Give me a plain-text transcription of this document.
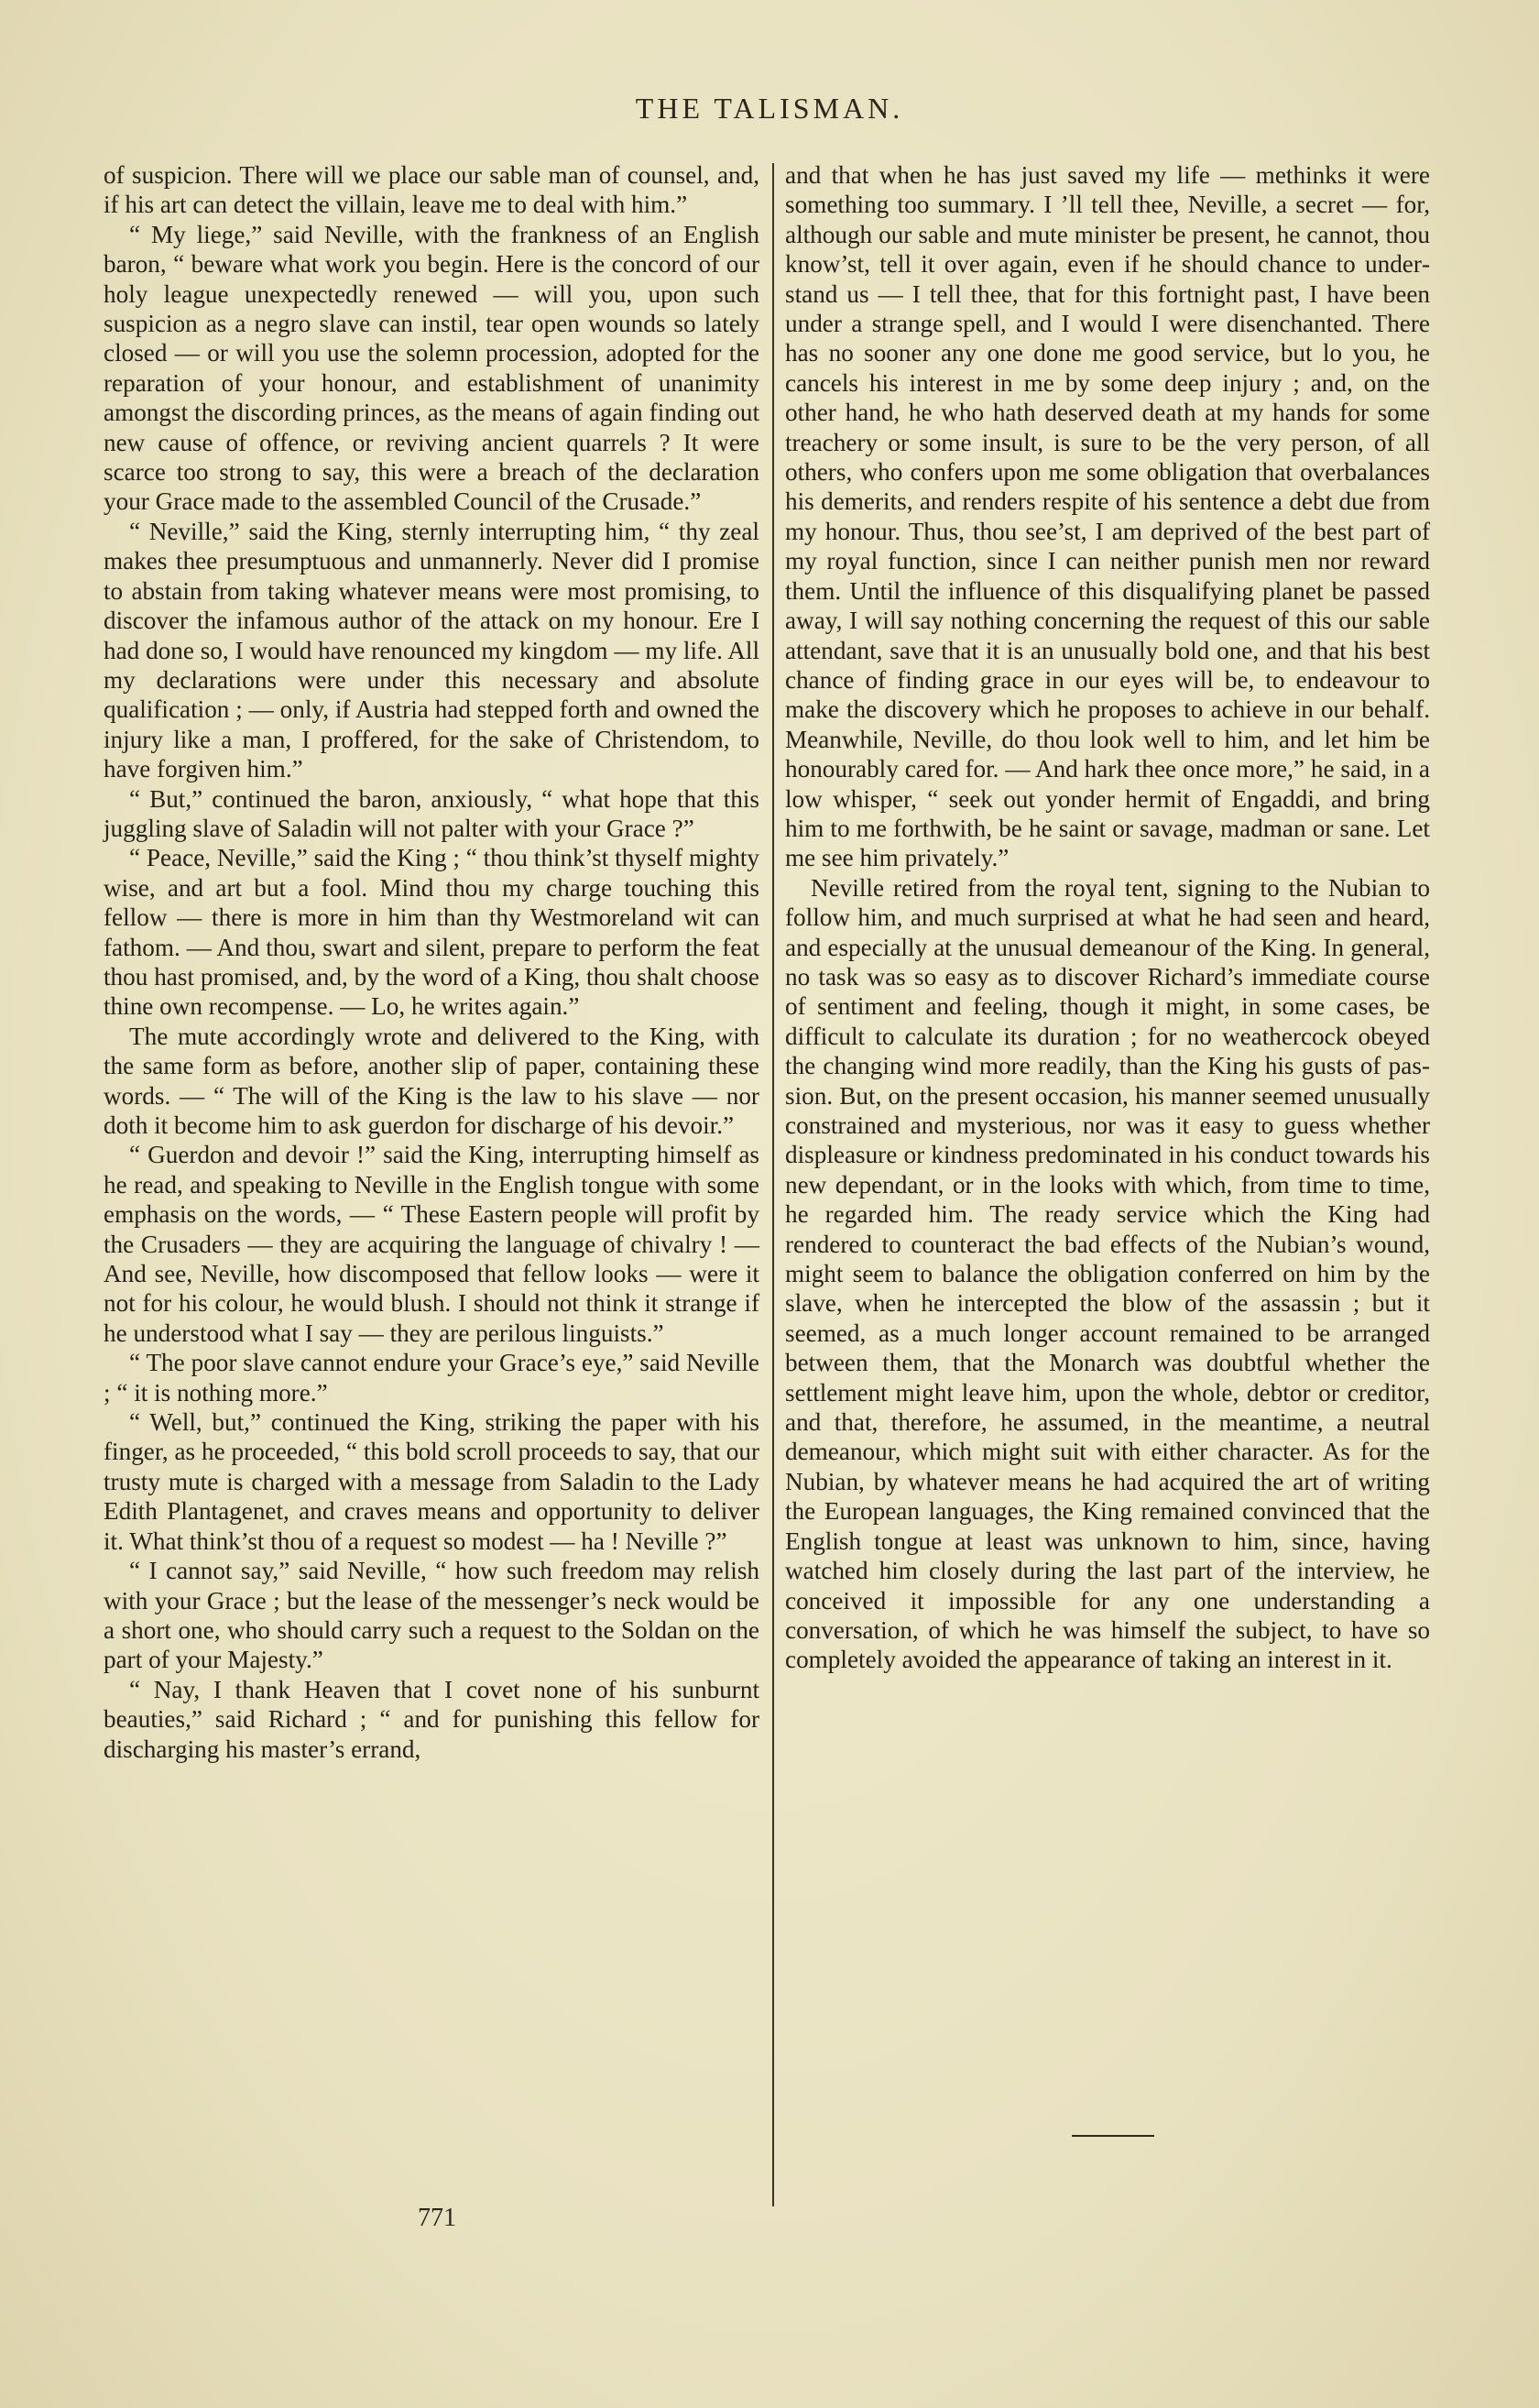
THE TALISMAN.

of suspicion. There will we place our sable man of counsel, and, if his art can detect the villain, leave me to deal with him.”

“ My liege,” said Neville, with the frankness of an English baron, “ beware what work you begin. Here is the concord of our holy league unexpectedly renewed — will you, upon such suspicion as a negro slave can instil, tear open wounds so lately closed — or will you use the solemn procession, adopted for the reparation of your honour, and establishment of unanimity amongst the discording princes, as the means of again finding out new cause of offence, or reviving ancient quarrels ? It were scarce too strong to say, this were a breach of the declaration your Grace made to the assembled Council of the Crusade.”

“ Neville,” said the King, sternly interrupting him, “ thy zeal makes thee presumptuous and unmannerly. Never did I promise to abstain from taking whatever means were most promising, to discover the infamous author of the attack on my honour. Ere I had done so, I would have renounced my kingdom — my life. All my declarations were under this necessary and absolute qualification ; — only, if Austria had stepped forth and owned the injury like a man, I proffered, for the sake of Christendom, to have forgiven him.”

“ But,” continued the baron, anxiously, “ what hope that this juggling slave of Saladin will not palter with your Grace ?”

“ Peace, Neville,” said the King ; “ thou think’st thyself mighty wise, and art but a fool. Mind thou my charge touching this fellow — there is more in him than thy Westmoreland wit can fathom. — And thou, swart and silent, prepare to perform the feat thou hast promised, and, by the word of a King, thou shalt choose thine own recompense. — Lo, he writes again.”

The mute accordingly wrote and delivered to the King, with the same form as before, another slip of paper, containing these words. — “ The will of the King is the law to his slave — nor doth it become him to ask guerdon for discharge of his devoir.”

“ Guerdon and devoir !” said the King, interrupting himself as he read, and speaking to Neville in the English tongue with some emphasis on the words, — “ These Eastern people will profit by the Crusaders — they are acquiring the language of chivalry ! — And see, Neville, how discomposed that fellow looks — were it not for his colour, he would blush. I should not think it strange if he understood what I say — they are perilous linguists.”

“ The poor slave cannot endure your Grace’s eye,” said Neville ; “ it is nothing more.”

“ Well, but,” continued the King, striking the paper with his finger, as he proceeded, “ this bold scroll proceeds to say, that our trusty mute is charged with a message from Saladin to the Lady Edith Plantagenet, and craves means and opportunity to deliver it. What think’st thou of a request so modest — ha ! Neville ?”

“ I cannot say,” said Neville, “ how such freedom may relish with your Grace ; but the lease of the messenger’s neck would be a short one, who should carry such a request to the Soldan on the part of your Majesty.”

“ Nay, I thank Heaven that I covet none of his sunburnt beauties,” said Richard ; “ and for punishing this fellow for discharging his master’s errand,

and that when he has just saved my life — methinks it were something too summary. I ’ll tell thee, Neville, a secret — for, although our sable and mute minister be present, he cannot, thou know’st, tell it over again, even if he should chance to understand us — I tell thee, that for this fortnight past, I have been under a strange spell, and I would I were disenchanted. There has no sooner any one done me good service, but lo you, he cancels his interest in me by some deep injury ; and, on the other hand, he who hath deserved death at my hands for some treachery or some insult, is sure to be the very person, of all others, who confers upon me some obligation that overbalances his demerits, and renders respite of his sentence a debt due from my honour. Thus, thou see’st, I am deprived of the best part of my royal function, since I can neither punish men nor reward them. Until the influence of this disqualifying planet be passed away, I will say nothing concerning the request of this our sable attendant, save that it is an unusually bold one, and that his best chance of finding grace in our eyes will be, to endeavour to make the discovery which he proposes to achieve in our behalf. Meanwhile, Neville, do thou look well to him, and let him be honourably cared for. — And hark thee once more,” he said, in a low whisper, “ seek out yonder hermit of Engaddi, and bring him to me forthwith, be he saint or savage, madman or sane. Let me see him privately.”

Neville retired from the royal tent, signing to the Nubian to follow him, and much surprised at what he had seen and heard, and especially at the unusual demeanour of the King. In general, no task was so easy as to discover Richard’s immediate course of sentiment and feeling, though it might, in some cases, be difficult to calculate its duration ; for no weathercock obeyed the changing wind more readily, than the King his gusts of passion. But, on the present occasion, his manner seemed unusually constrained and mysterious, nor was it easy to guess whether displeasure or kindness predominated in his conduct towards his new dependant, or in the looks with which, from time to time, he regarded him. The ready service which the King had rendered to counteract the bad effects of the Nubian’s wound, might seem to balance the obligation conferred on him by the slave, when he intercepted the blow of the assassin ; but it seemed, as a much longer account remained to be arranged between them, that the Monarch was doubtful whether the settlement might leave him, upon the whole, debtor or creditor, and that, therefore, he assumed, in the meantime, a neutral demeanour, which might suit with either character. As for the Nubian, by whatever means he had acquired the art of writing the European languages, the King remained convinced that the English tongue at least was unknown to him, since, having watched him closely during the last part of the interview, he conceived it impossible for any one understanding a conversation, of which he was himself the subject, to have so completely avoided the appearance of taking an interest in it.

771
